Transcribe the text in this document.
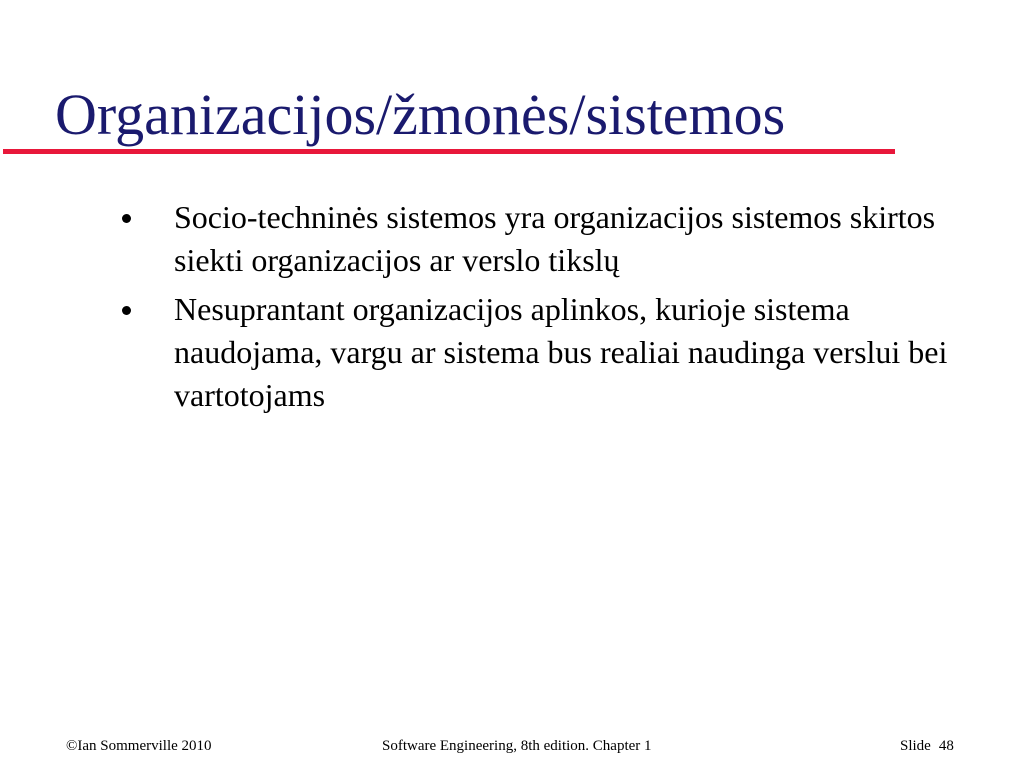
Organizacijos/žmonės/sistemos
Socio-techninės sistemos yra organizacijos sistemos skirtos siekti organizacijos ar verslo tikslų
Nesuprantant organizacijos aplinkos, kurioje sistema naudojama, vargu ar sistema bus realiai naudinga verslui bei vartotojams
©Ian Sommerville 2010	Software Engineering, 8th edition. Chapter 1	Slide 48
